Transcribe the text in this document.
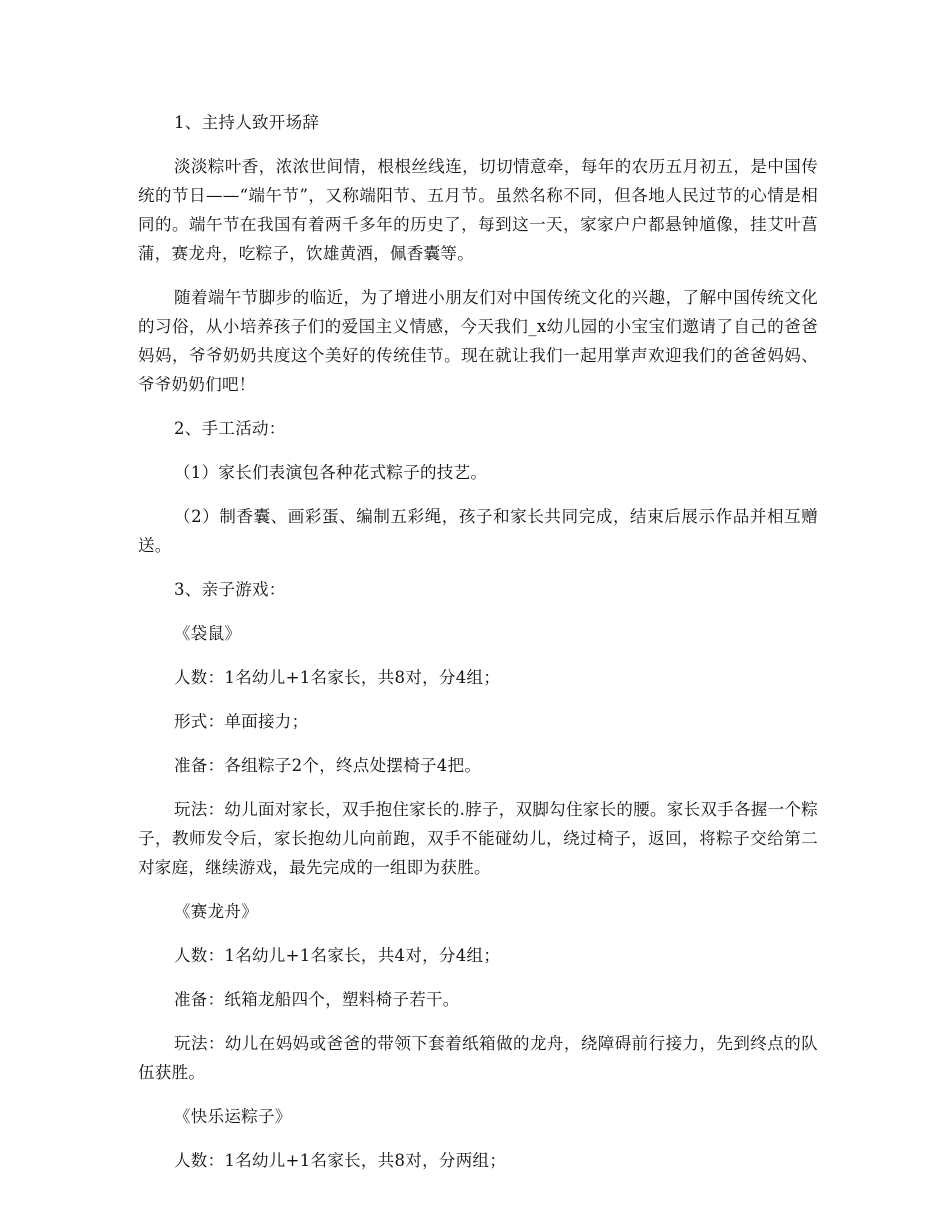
1、主持人致开场辞

淡淡粽叶香，浓浓世间情，根根丝线连，切切情意牵，每年的农历五月初五，是中国传统的节日——“端午节”，又称端阳节、五月节。虽然名称不同，但各地人民过节的心情是相同的。端午节在我国有着两千多年的历史了，每到这一天，家家户户都悬钟馗像，挂艾叶菖蒲，赛龙舟，吃粽子，饮雄黄酒，佩香囊等。

随着端午节脚步的临近，为了增进小朋友们对中国传统文化的兴趣，了解中国传统文化的习俗，从小培养孩子们的爱国主义情感，今天我们_x幼儿园的小宝宝们邀请了自己的爸爸妈妈，爷爷奶奶共度这个美好的传统佳节。现在就让我们一起用掌声欢迎我们的爸爸妈妈、爷爷奶奶们吧！

2、手工活动：

（1）家长们表演包各种花式粽子的技艺。

（2）制香囊、画彩蛋、编制五彩绳，孩子和家长共同完成，结束后展示作品并相互赠送。

3、亲子游戏：

《袋鼠》

人数：1名幼儿+1名家长，共8对，分4组；

形式：单面接力；

准备：各组粽子2个，终点处摆椅子4把。

玩法：幼儿面对家长，双手抱住家长的.脖子，双脚勾住家长的腰。家长双手各握一个粽子，教师发令后，家长抱幼儿向前跑，双手不能碰幼儿，绕过椅子，返回，将粽子交给第二对家庭，继续游戏，最先完成的一组即为获胜。

《赛龙舟》

人数：1名幼儿+1名家长，共4对，分4组；

准备：纸箱龙船四个，塑料椅子若干。

玩法：幼儿在妈妈或爸爸的带领下套着纸箱做的龙舟，绕障碍前行接力，先到终点的队伍获胜。

《快乐运粽子》

人数：1名幼儿+1名家长，共8对，分两组；
